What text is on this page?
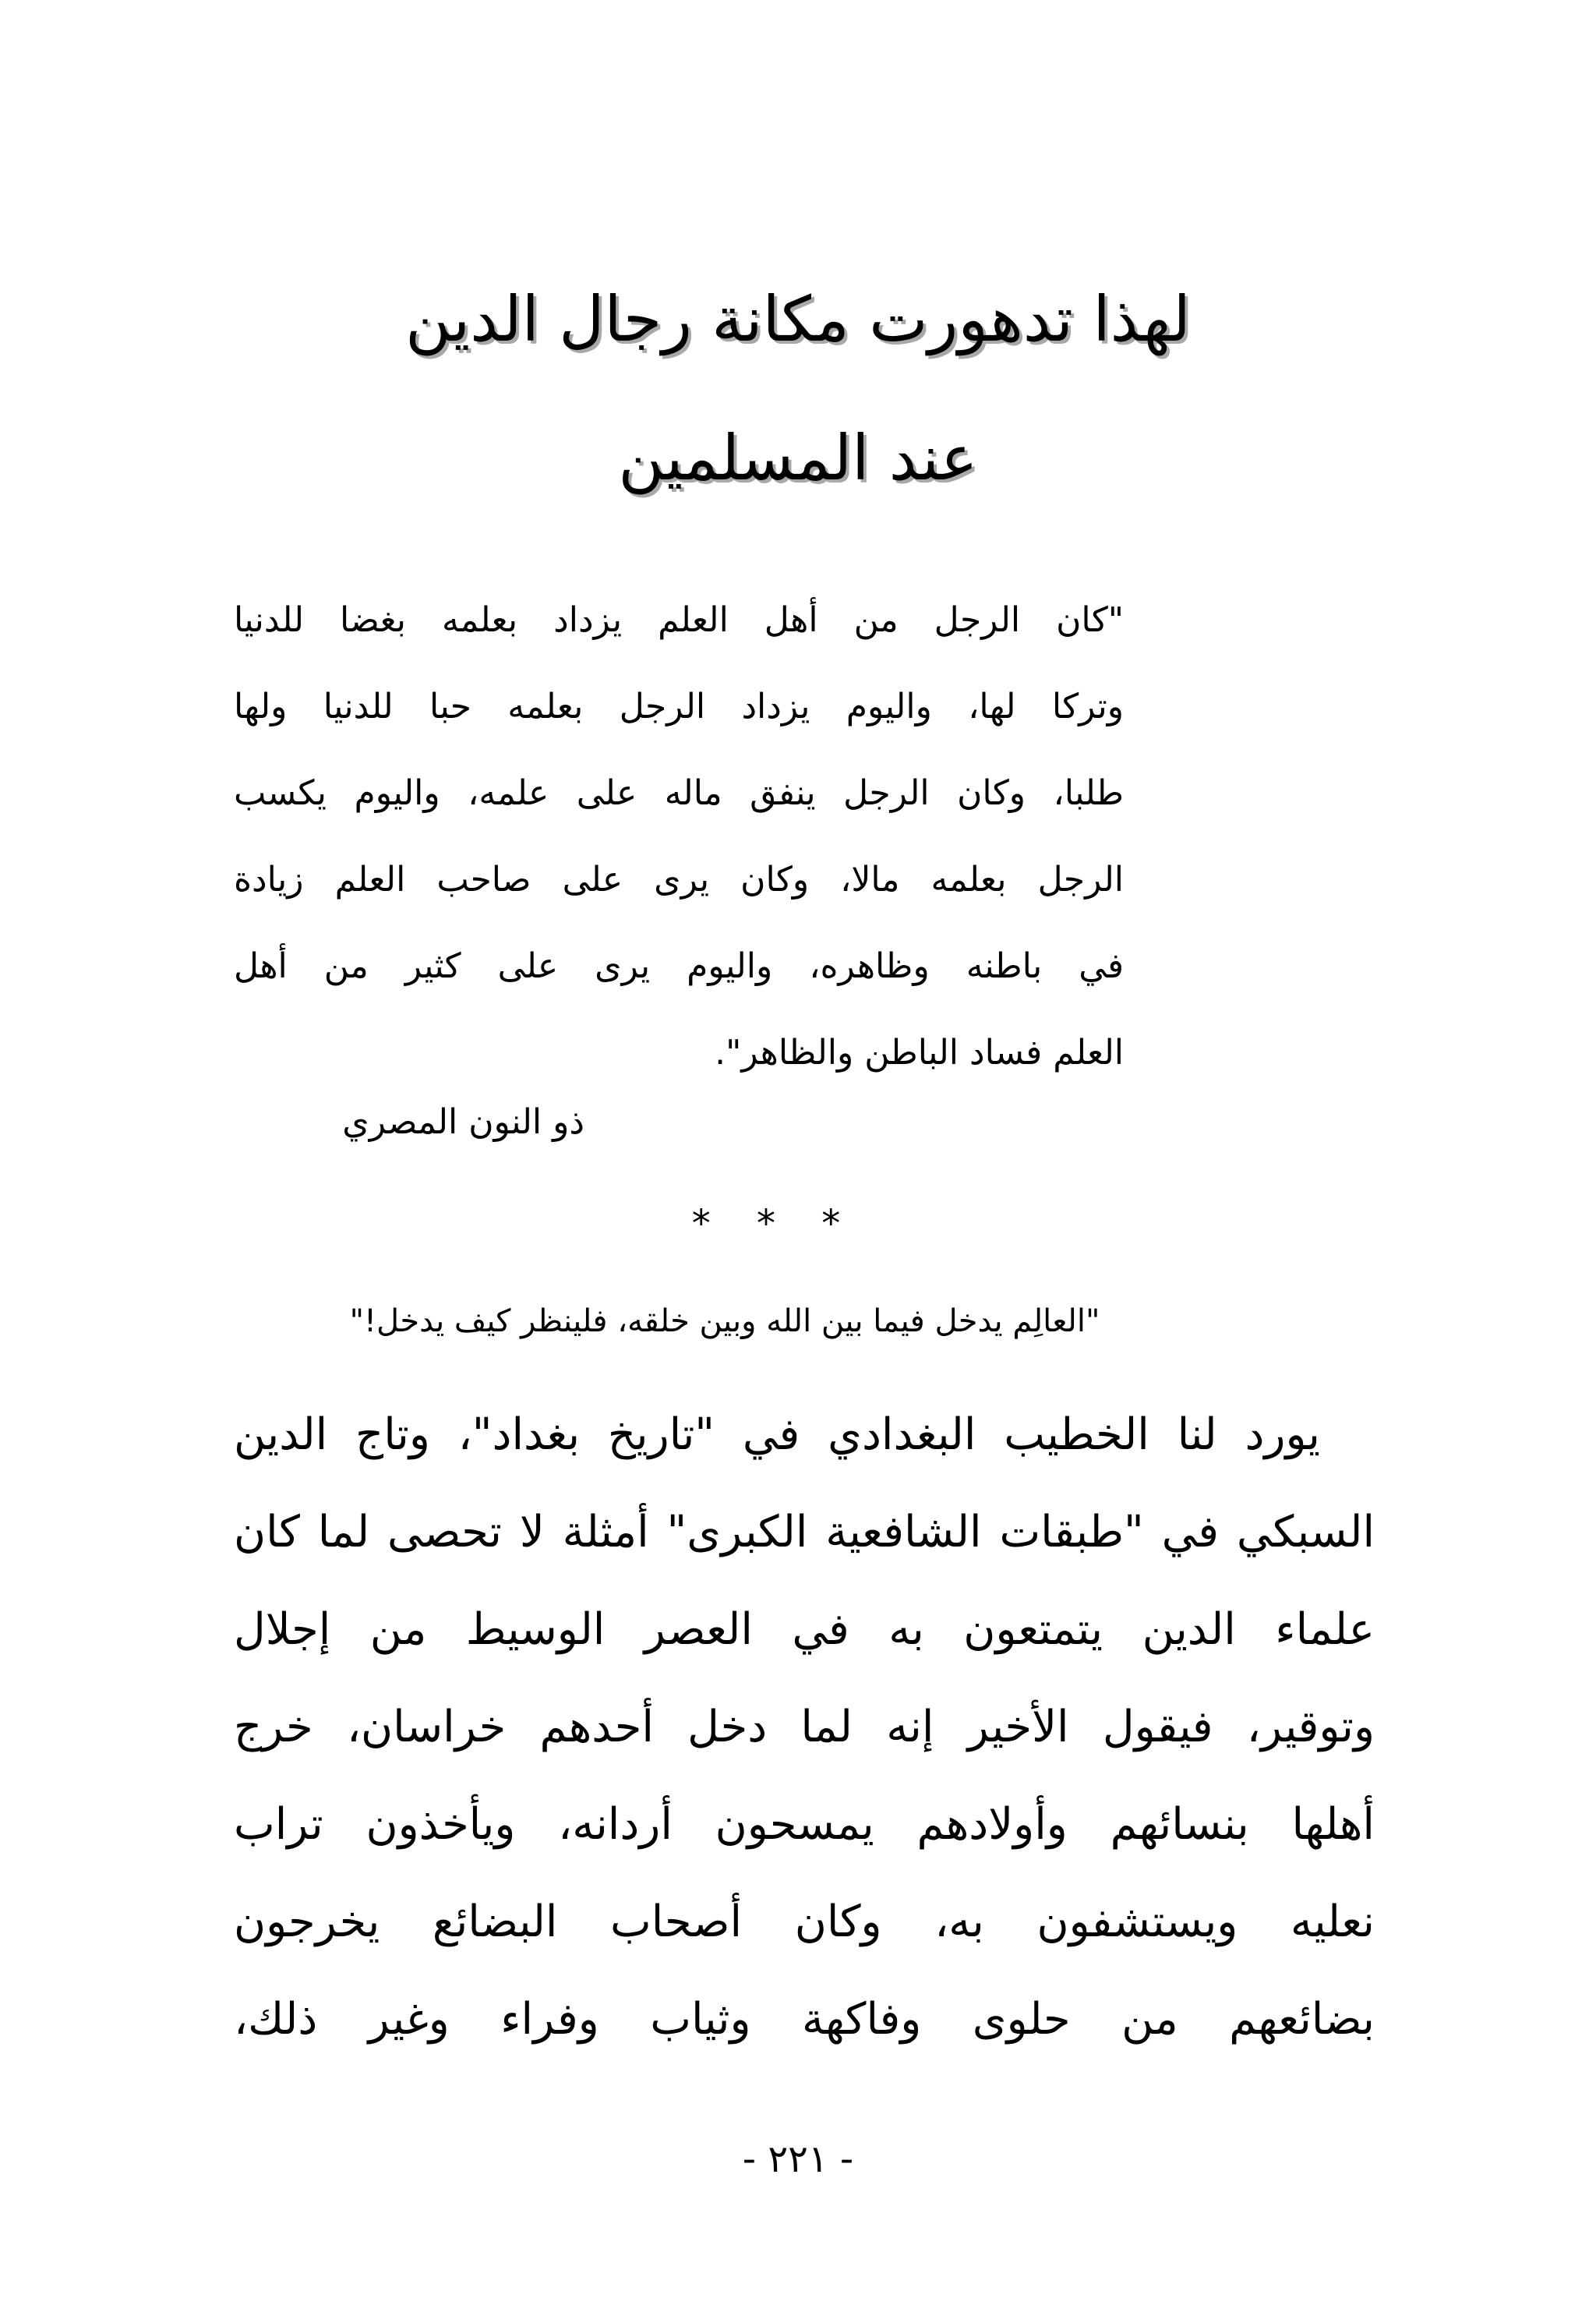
لهذا تدهورت مكانة رجال الدين
عند المسلمين
"كان الرجل من أهل العلم يزداد بعلمه بغضا للدنيا
وتركا لها، واليوم يزداد الرجل بعلمه حبا للدنيا ولها
طلبا، وكان الرجل ينفق ماله على علمه، واليوم يكسب
الرجل بعلمه مالا، وكان يرى على صاحب العلم زيادة
في باطنه وظاهره، واليوم يرى على كثير من أهل
العلم فساد الباطن والظاهر".
ذو النون المصري
* * *
"العالِم يدخل فيما بين الله وبين خلقه، فلينظر كيف يدخل!"
يورد لنا الخطيب البغدادي في "تاريخ بغداد"، وتاج الدين
السبكي في "طبقات الشافعية الكبرى" أمثلة لا تحصى لما كان
علماء الدين يتمتعون به في العصر الوسيط من إجلال
وتوقير، فيقول الأخير إنه لما دخل أحدهم خراسان، خرج
أهلها بنسائهم وأولادهم يمسحون أردانه، ويأخذون تراب
نعليه ويستشفون به، وكان أصحاب البضائع يخرجون
بضائعهم من حلوى وفاكهة وثياب وفراء وغير ذلك،
- ٢٢١ -
